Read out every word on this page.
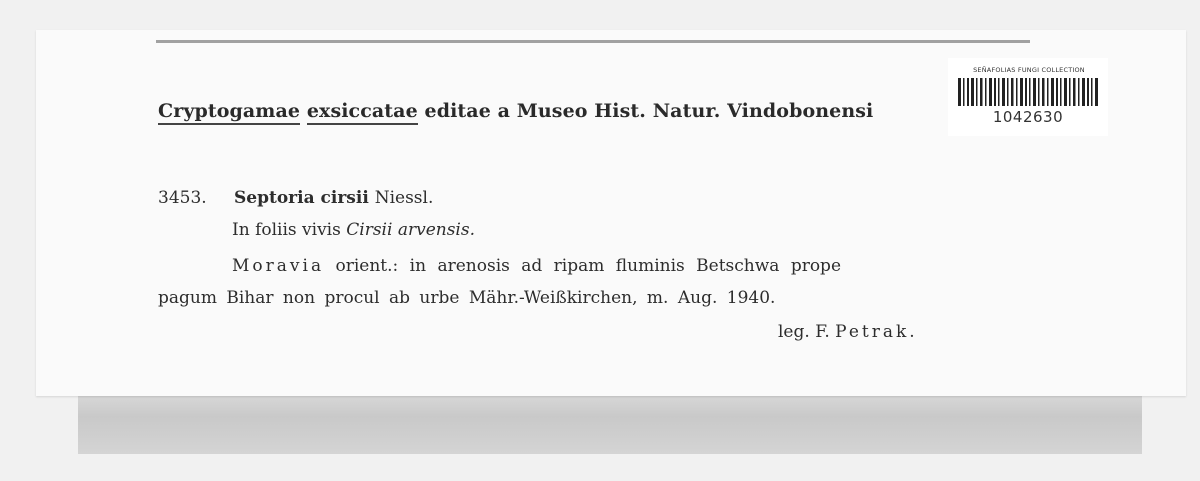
Cryptogamae exsiccatae editae a Museo Hist. Natur. Vindobonensi
SEÑAFOLIAS FUNGI COLLECTION
1042630
3453. Septoria cirsii Niessl.
In foliis vivis Cirsii arvensis.
Moravia orient.: in arenosis ad ripam fluminis Betschwa prope
pagum Bihar non procul ab urbe Mähr.-Weißkirchen, m. Aug. 1940.
leg. F. Petrak.
